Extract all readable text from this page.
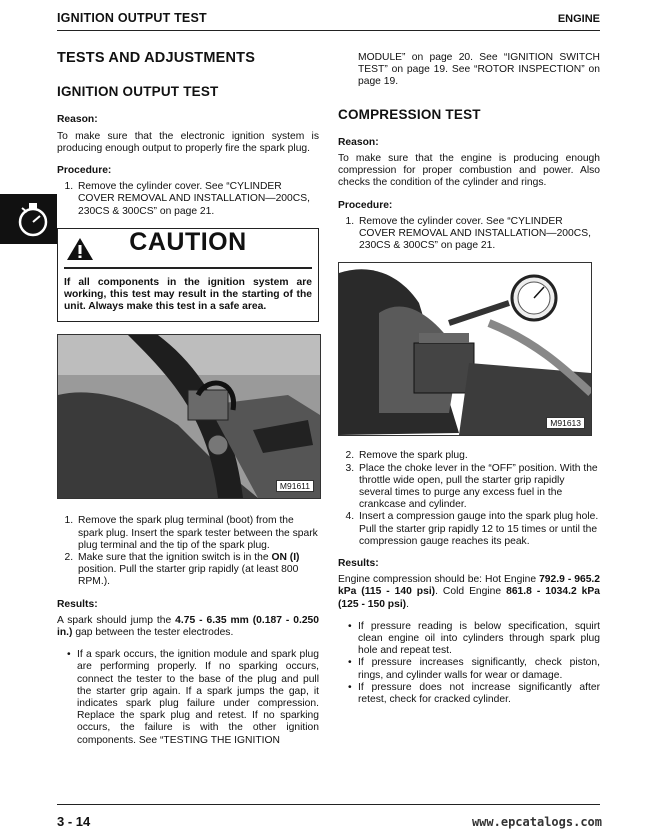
IGNITION OUTPUT TEST	ENGINE
TESTS AND ADJUSTMENTS
IGNITION OUTPUT TEST
Reason:

To make sure that the electronic ignition system is producing enough output to properly fire the spark plug.

Procedure:
1. Remove the cylinder cover. See “CYLINDER COVER REMOVAL AND INSTALLATION—200CS, 230CS & 300CS” on page 21.
CAUTION
If all components in the ignition system are working, this test may result in the starting of the unit. Always make this test in a safe area.
M91611
1. Remove the spark plug terminal (boot) from the spark plug. Insert the spark tester between the spark plug terminal and the tip of the spark plug.
2. Make sure that the ignition switch is in the ON (I) position. Pull the starter grip rapidly (at least 800 RPM.).
Results:

A spark should jump the 4.75 - 6.35 mm (0.187 - 0.250 in.) gap between the tester electrodes.

• If a spark occurs, the ignition module and spark plug are performing properly. If no sparking occurs, connect the tester to the base of the plug and pull the starter grip again. If a spark jumps the gap, it indicates spark plug failure under compression. Replace the spark plug and retest. If no sparking occurs, the failure is with the other ignition components. See “TESTING THE IGNITION

MODULE” on page 20. See “IGNITION SWITCH TEST” on page 19. See “ROTOR INSPECTION” on page 19.

COMPRESSION TEST
Reason:

To make sure that the engine is producing enough compression for proper combustion and power. Also checks the condition of the cylinder and rings.

Procedure:
1. Remove the cylinder cover. See “CYLINDER COVER REMOVAL AND INSTALLATION—200CS, 230CS & 300CS” on page 21.
M91613
2. Remove the spark plug.
3. Place the choke lever in the “OFF” position. With the throttle wide open, pull the starter grip rapidly several times to purge any excess fuel in the crankcase and cylinder.
4. Insert a compression gauge into the spark plug hole. Pull the starter grip rapidly 12 to 15 times or until the compression gauge reaches its peak.
Results:

Engine compression should be: Hot Engine 792.9 - 965.2 kPa (115 - 140 psi). Cold Engine 861.8 - 1034.2 kPa (125 - 150 psi).

• If pressure reading is below specification, squirt clean engine oil into cylinders through spark plug hole and repeat test.
• If pressure increases significantly, check piston, rings, and cylinder walls for wear or damage.
• If pressure does not increase significantly after retest, check for cracked cylinder.
3 - 14	www.epcatalogs.com
